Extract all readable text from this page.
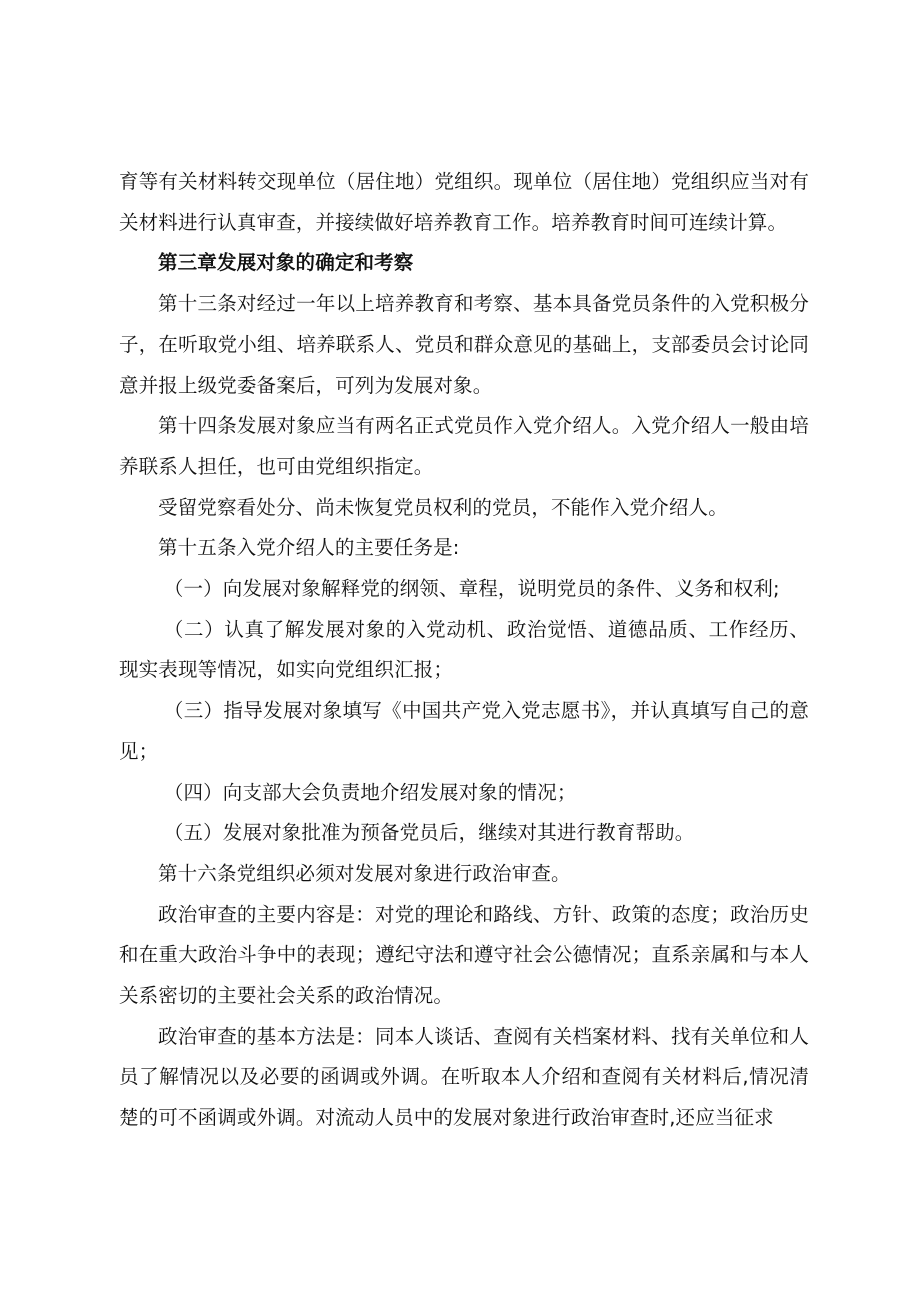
育等有关材料转交现单位（居住地）党组织。现单位（居住地）党组织应当对有关材料进行认真审查，并接续做好培养教育工作。培养教育时间可连续计算。

第三章发展对象的确定和考察

第十三条对经过一年以上培养教育和考察、基本具备党员条件的入党积极分子，在听取党小组、培养联系人、党员和群众意见的基础上，支部委员会讨论同意并报上级党委备案后，可列为发展对象。

第十四条发展对象应当有两名正式党员作入党介绍人。入党介绍人一般由培养联系人担任，也可由党组织指定。

受留党察看处分、尚未恢复党员权利的党员，不能作入党介绍人。

第十五条入党介绍人的主要任务是:

（一）向发展对象解释党的纲领、章程，说明党员的条件、义务和权利;

（二）认真了解发展对象的入党动机、政治觉悟、道德品质、工作经历、现实表现等情况，如实向党组织汇报；

（三）指导发展对象填写《中国共产党入党志愿书》，并认真填写自己的意见；

（四）向支部大会负责地介绍发展对象的情况；

（五）发展对象批准为预备党员后，继续对其进行教育帮助。

第十六条党组织必须对发展对象进行政治审查。

政治审查的主要内容是：对党的理论和路线、方针、政策的态度；政治历史和在重大政治斗争中的表现；遵纪守法和遵守社会公德情况；直系亲属和与本人关系密切的主要社会关系的政治情况。

政治审查的基本方法是：同本人谈话、查阅有关档案材料、找有关单位和人员了解情况以及必要的函调或外调。在听取本人介绍和查阅有关材料后,情况清楚的可不函调或外调。对流动人员中的发展对象进行政治审查时,还应当征求
